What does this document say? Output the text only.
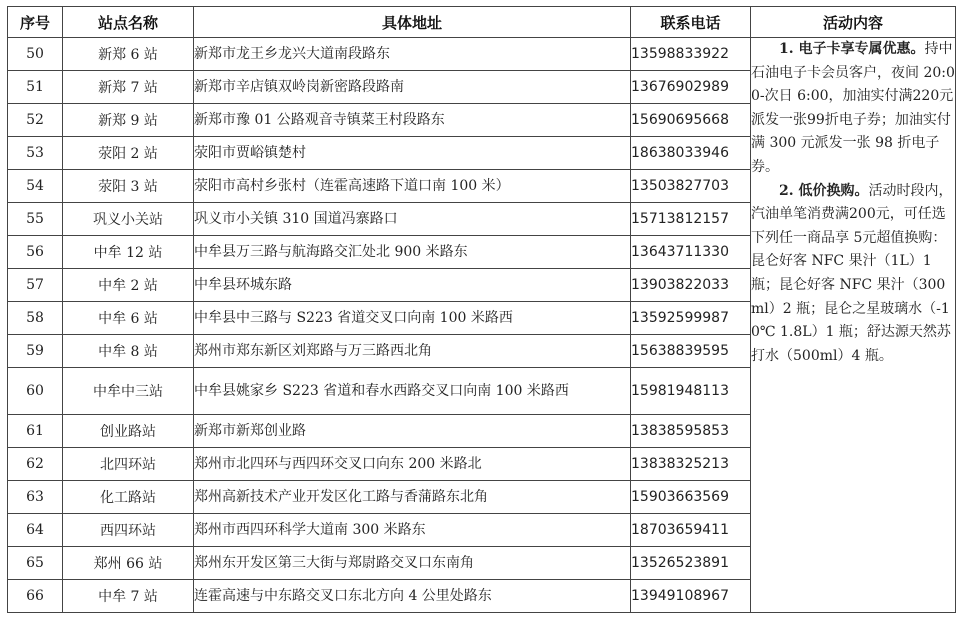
序号	站点名称	具体地址	联系电话	活动内容
50	新郑 6 站	新郑市龙王乡龙兴大道南段路东	13598833922	1. 电子卡享专属优惠。持中石油电子卡会员客户，夜间 20:00-次日 6:00，加油实付满220元派发一张99折电子券；加油实付满 300 元派发一张 98 折电子券。

2. 低价换购。活动时段内，汽油单笔消费满200元，可任选下列任一商品享 5元超值换购：昆仑好客 NFC 果汁（1L）1 瓶；昆仑好客 NFC 果汁（300ml）2 瓶；昆仑之星玻璃水（-10℃ 1.8L）1 瓶；舒达源天然苏打水（500ml）4 瓶。

51	新郑 7 站	新郑市辛店镇双岭岗新密路段路南	13676902989	
52	新郑 9 站	新郑市豫 01 公路观音寺镇菜王村段路东	15690695668	
53	荥阳 2 站	荥阳市贾峪镇楚村	18638033946	
54	荥阳 3 站	荥阳市高村乡张村（连霍高速路下道口南 100 米）	13503827703	
55	巩义小关站	巩义市小关镇 310 国道冯寨路口	15713812157	
56	中牟 12 站	中牟县万三路与航海路交汇处北 900 米路东	13643711330	
57	中牟 2 站	中牟县环城东路	13903822033	
58	中牟 6 站	中牟县中三路与 S223 省道交叉口向南 100 米路西	13592599987	
59	中牟 8 站	郑州市郑东新区刘郑路与万三路西北角	15638839595	
60	中牟中三站	中牟县姚家乡 S223 省道和春水西路交叉口向南 100 米路西	15981948113	
61	创业路站	新郑市新郑创业路	13838595853	
62	北四环站	郑州市北四环与西四环交叉口向东 200 米路北	13838325213	
63	化工路站	郑州高新技术产业开发区化工路与香蒲路东北角	15903663569	
64	西四环站	郑州市西四环科学大道南 300 米路东	18703659411	
65	郑州 66 站	郑州东开发区第三大街与郑尉路交叉口东南角	13526523891	
66	中牟 7 站	连霍高速与中东路交叉口东北方向 4 公里处路东	13949108967	
